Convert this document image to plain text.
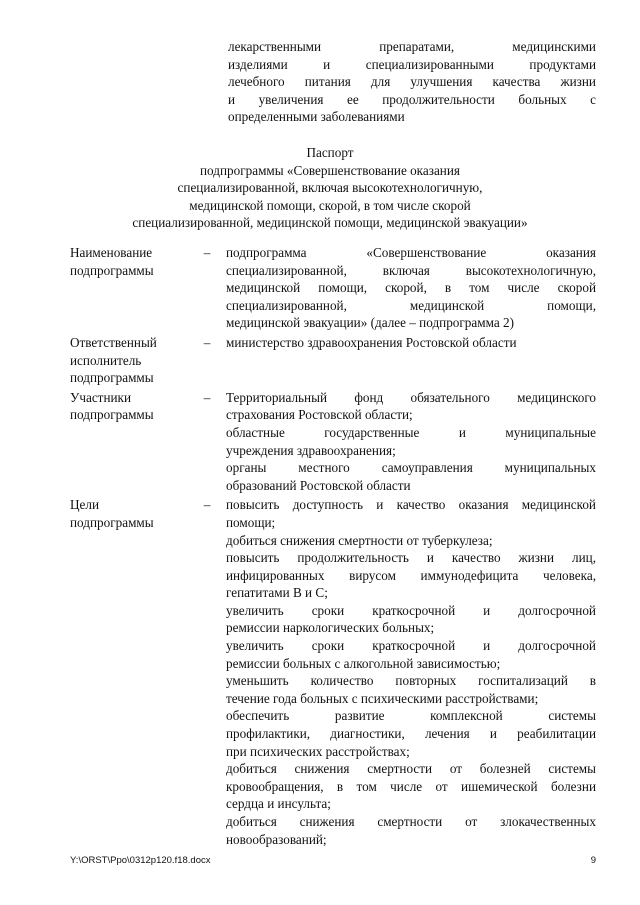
лекарственными препаратами, медицинскими
изделиями и специализированными продуктами
лечебного питания для улучшения качества жизни
и увеличения ее продолжительности больных с
определенными заболеваниями
Паспорт
подпрограммы «Совершенствование оказания
специализированной, включая высокотехнологичную,
медицинской помощи, скорой, в том числе скорой
специализированной, медицинской помощи, медицинской эвакуации»
Наименование
подпрограммы
– подпрограмма «Совершенствование оказания
специализированной, включая высокотехнологичную,
медицинской помощи, скорой, в том числе скорой
специализированной, медицинской помощи,
медицинской эвакуации» (далее – подпрограмма 2)
Ответственный
исполнитель
подпрограммы
– министерство здравоохранения Ростовской области
Участники
подпрограммы
– Территориальный фонд обязательного медицинского
страхования Ростовской области;
областные государственные и муниципальные
учреждения здравоохранения;
органы местного самоуправления муниципальных
образований Ростовской области
Цели
подпрограммы
– повысить доступность и качество оказания медицинской
помощи;
добиться снижения смертности от туберкулеза;
повысить продолжительность и качество жизни лиц,
инфицированных вирусом иммунодефицита человека,
гепатитами В и С;
увеличить сроки краткосрочной и долгосрочной
ремиссии наркологических больных;
увеличить сроки краткосрочной и долгосрочной
ремиссии больных с алкогольной зависимостью;
уменьшить количество повторных госпитализаций в
течение года больных с психическими расстройствами;
обеспечить развитие комплексной системы
профилактики, диагностики, лечения и реабилитации
при психических расстройствах;
добиться снижения смертности от болезней системы
кровообращения, в том числе от ишемической болезни
сердца и инсульта;
добиться снижения смертности от злокачественных
новообразований;
Y:\ORST\Ppo\0312p120.f18.docx	9
